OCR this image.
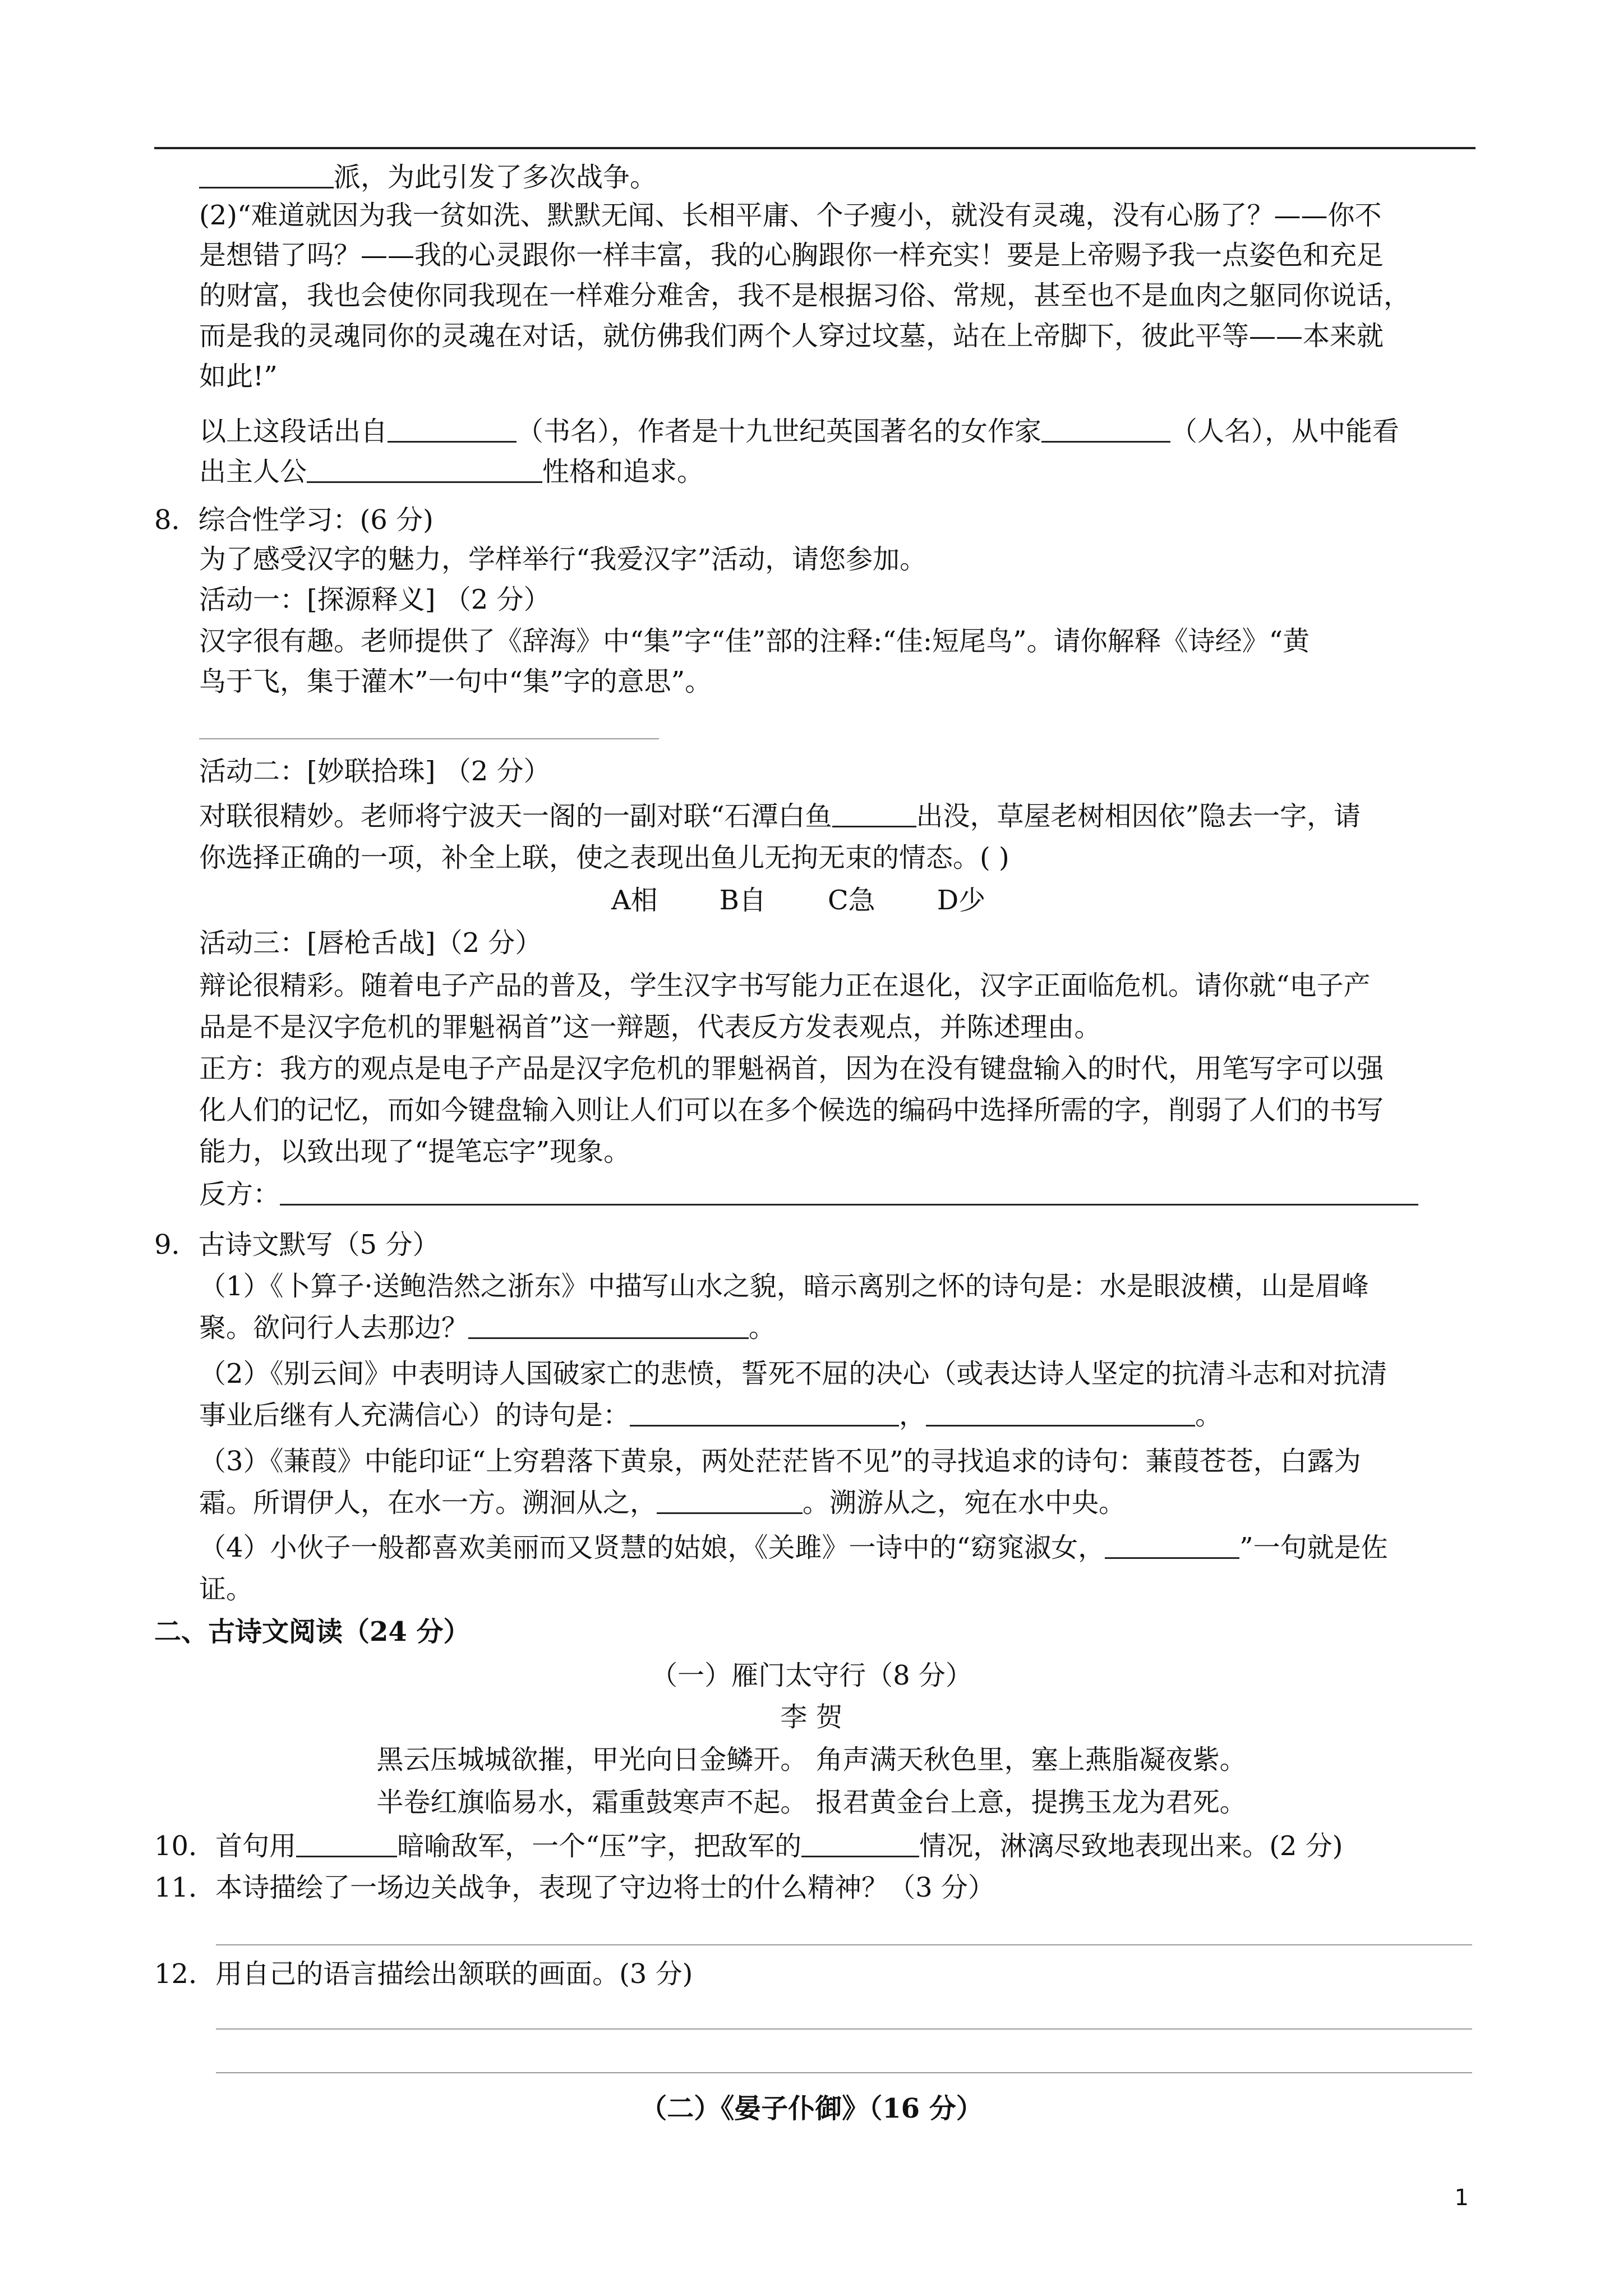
派，为此引发了多次战争。
(2)“难道就因为我一贫如洗、默默无闻、长相平庸、个子瘦小，就没有灵魂，没有心肠了？——你不
是想错了吗？——我的心灵跟你一样丰富，我的心胸跟你一样充实！要是上帝赐予我一点姿色和充足
的财富，我也会使你同我现在一样难分难舍，我不是根据习俗、常规，甚至也不是血肉之躯同你说话，
而是我的灵魂同你的灵魂在对话，就仿佛我们两个人穿过坟墓，站在上帝脚下，彼此平等——本来就
如此!”
以上这段话出自	（书名），作者是十九世纪英国著名的女作家	（人名），从中能看
出主人公	性格和追求。
8．综合性学习：(6 分)
为了感受汉字的魅力，学样举行“我爱汉字”活动，请您参加。
活动一：[探源释义] （2 分）
汉字很有趣。老师提供了《辞海》中“集”字“佳”部的注释:“佳:短尾鸟”。请你解释《诗经》“黄
鸟于飞，集于灌木”一句中“集”字的意思”。
活动二：[妙联拾珠] （2 分）
对联很精妙。老师将宁波天一阁的一副对联“石潭白鱼	出没，草屋老树相因依”隐去一字，请
你选择正确的一项，补全上联，使之表现出鱼儿无拘无束的情态。( )
A相 B自 C急 D少
活动三：[唇枪舌战]（2 分）
辩论很精彩。随着电子产品的普及，学生汉字书写能力正在退化，汉字正面临危机。请你就“电子产
品是不是汉字危机的罪魁祸首”这一辩题，代表反方发表观点，并陈述理由。
正方：我方的观点是电子产品是汉字危机的罪魁祸首，因为在没有键盘输入的时代，用笔写字可以强
化人们的记忆，而如今键盘输入则让人们可以在多个候选的编码中选择所需的字，削弱了人们的书写
能力，以致出现了“提笔忘字”现象。
反方：
9．古诗文默写（5 分）
（1）《卜算子·送鲍浩然之浙东》中描写山水之貌，暗示离别之怀的诗句是：水是眼波横，山是眉峰
聚。欲问行人去那边？	。
（2）《别云间》中表明诗人国破家亡的悲愤，誓死不屈的决心（或表达诗人坚定的抗清斗志和对抗清
事业后继有人充满信心）的诗句是：	，	。
（3）《蒹葭》中能印证“上穷碧落下黄泉，两处茫茫皆不见”的寻找追求的诗句：蒹葭苍苍，白露为
霜。所谓伊人，在水一方。溯洄从之，	。溯游从之，宛在水中央。
（4）小伙子一般都喜欢美丽而又贤慧的姑娘，《关雎》一诗中的“窈窕淑女，	”一句就是佐
证。
二、古诗文阅读（24 分）
（一）雁门太守行（8 分）
李 贺
黑云压城城欲摧，甲光向日金鳞开。 角声满天秋色里，塞上燕脂凝夜紫。
半卷红旗临易水，霜重鼓寒声不起。 报君黄金台上意，提携玉龙为君死。
10．首句用	暗喻敌军，一个“压”字，把敌军的	情况，淋漓尽致地表现出来。(2 分)
11．本诗描绘了一场边关战争，表现了守边将士的什么精神？（3 分）
12．用自己的语言描绘出颔联的画面。(3 分)
（二）《晏子仆御》（16 分）
1
